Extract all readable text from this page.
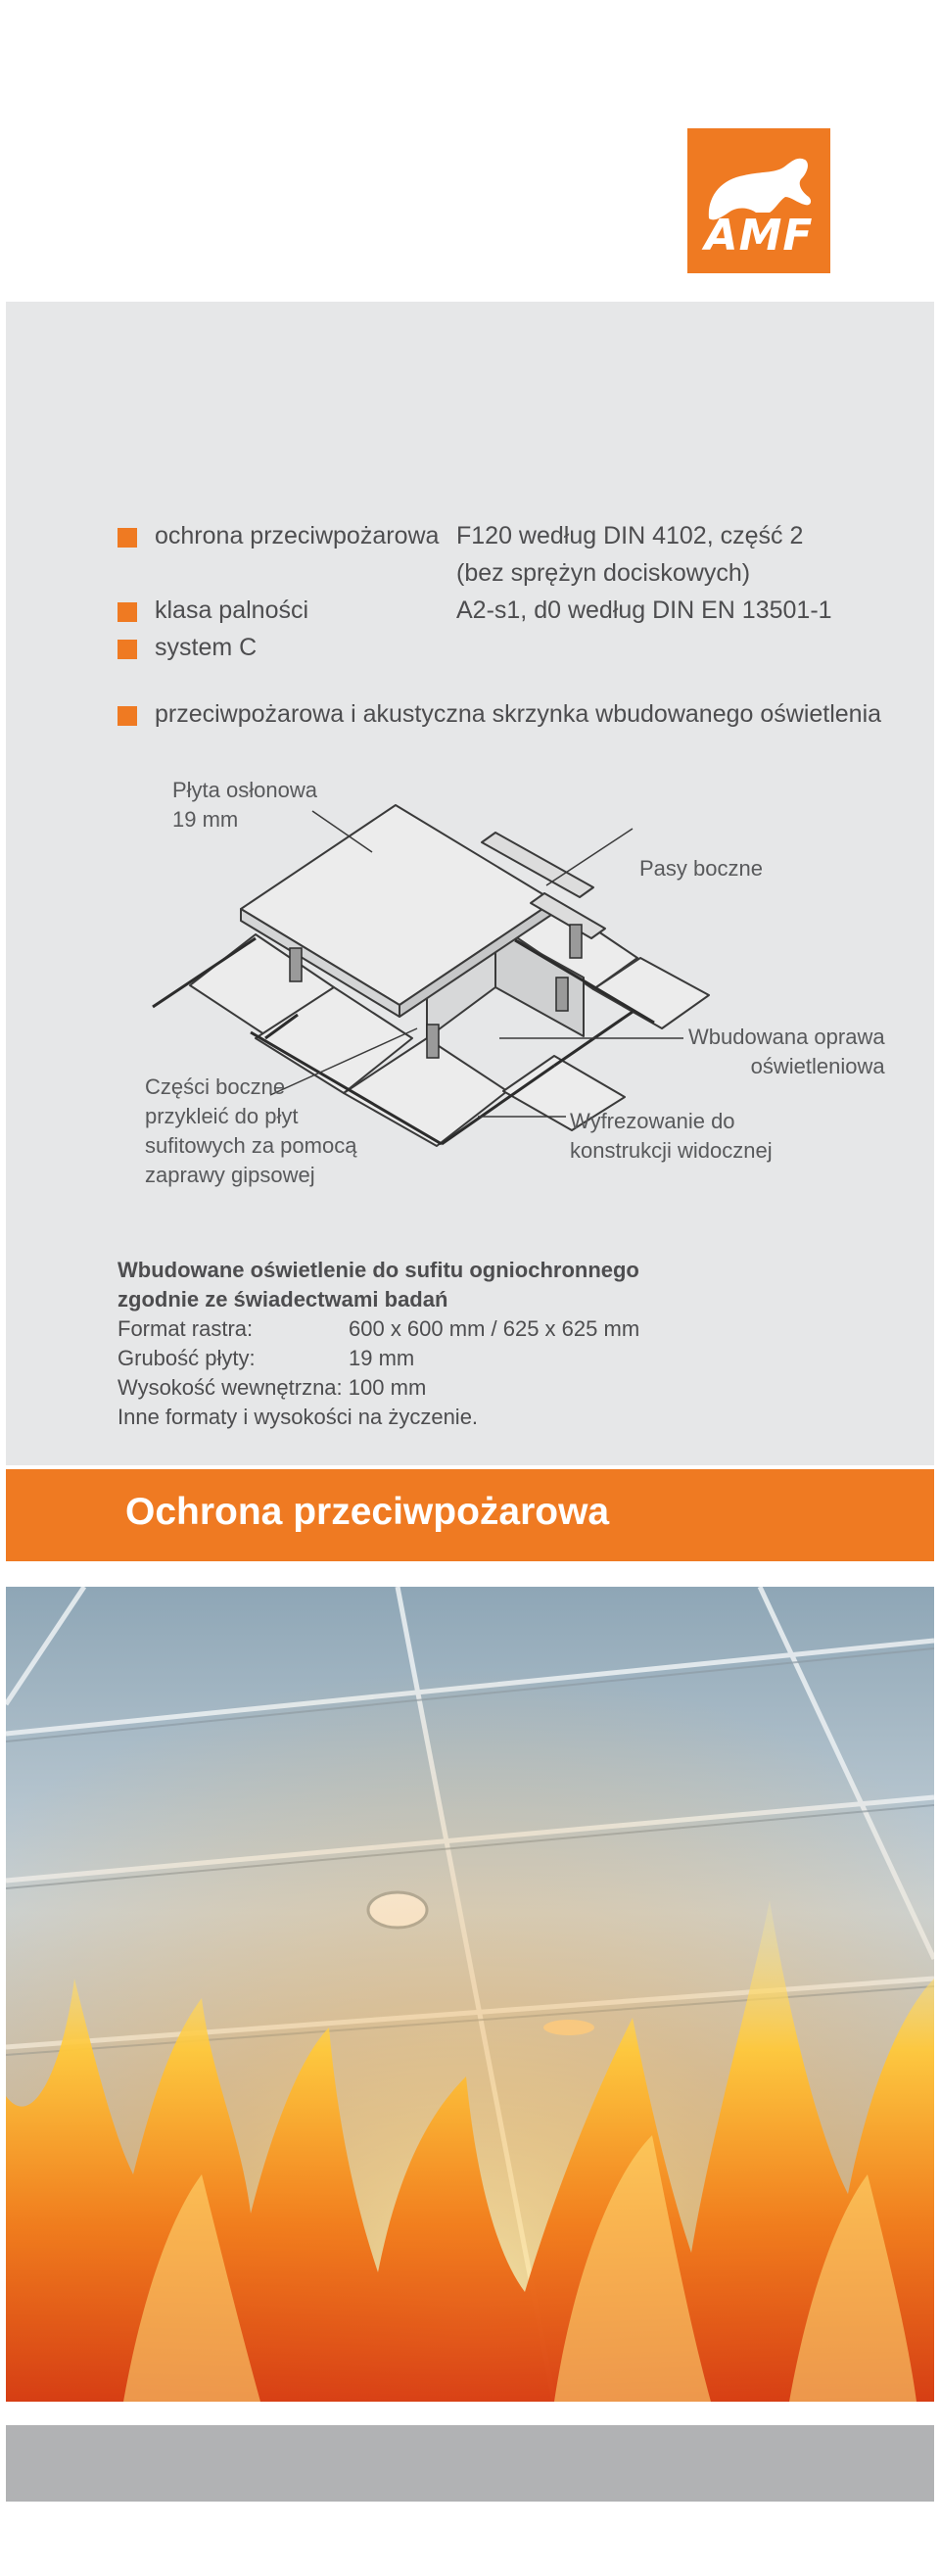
AMF
ochrona przeciwpożarowa F120 według DIN 4102, część 2
(bez sprężyn dociskowych)
klasa palności	A2-s1, d0 według DIN EN 13501-1
system C
przeciwpożarowa i akustyczna skrzynka wbudowanego oświetlenia
Płyta osłonowa
19 mm
Pasy boczne
Wbudowana oprawa
oświetleniowa
Części boczne
przykleić do płyt
sufitowych za pomocą
zaprawy gipsowej
Wyfrezowanie do
konstrukcji widocznej
Wbudowane oświetlenie do sufitu ogniochronnego
zgodnie ze świadectwami badań
Format rastra:	600 x 600 mm / 625 x 625 mm
Grubość płyty:	19 mm
Wysokość wewnętrzna: 100 mm
Inne formaty i wysokości na życzenie.
Ochrona przeciwpożarowa
